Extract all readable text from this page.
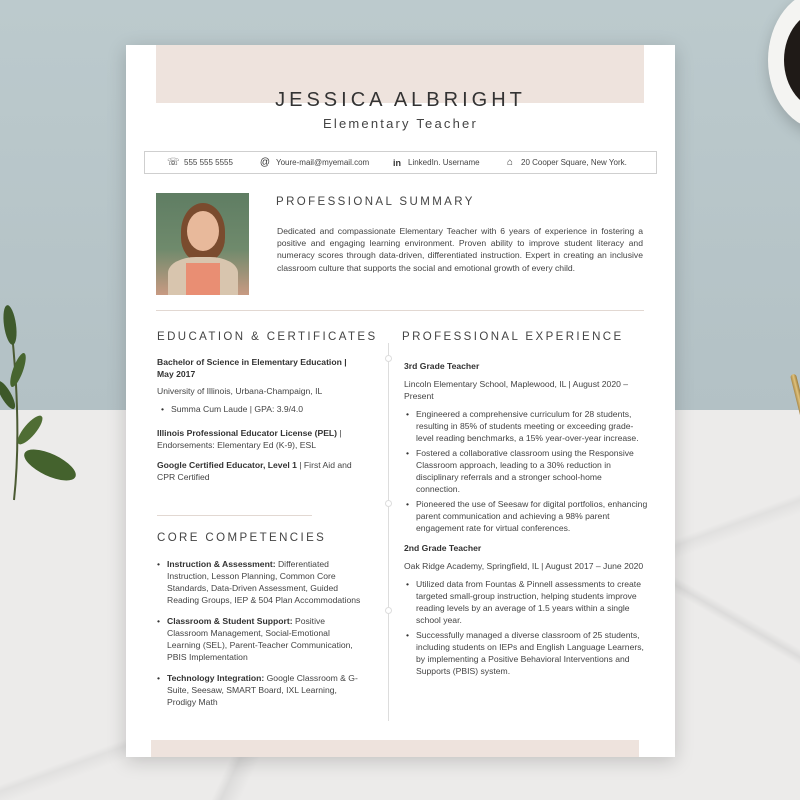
JESSICA ALBRIGHT
Elementary Teacher
☏ 555 555 5555	@ Youre-mail@myemail.com	in LinkedIn. Username	⌂ 20 Cooper Square, New York.
PROFESSIONAL SUMMARY
Dedicated and compassionate Elementary Teacher with 6 years of experience in fostering a positive and engaging learning environment. Proven ability to improve student literacy and numeracy scores through data-driven, differentiated instruction. Expert in creating an inclusive classroom culture that supports the social and emotional growth of every child.
EDUCATION & CERTIFICATES
Bachelor of Science in Elementary Education | May 2017
University of Illinois, Urbana-Champaign, IL
• Summa Cum Laude | GPA: 3.9/4.0
Illinois Professional Educator License (PEL) | Endorsements: Elementary Ed (K-9), ESL
Google Certified Educator, Level 1 | First Aid and CPR Certified
CORE COMPETENCIES
• Instruction & Assessment: Differentiated Instruction, Lesson Planning, Common Core Standards, Data-Driven Assessment, Guided Reading Groups, IEP & 504 Plan Accommodations
• Classroom & Student Support: Positive Classroom Management, Social-Emotional Learning (SEL), Parent-Teacher Communication, PBIS Implementation
• Technology Integration: Google Classroom & G-Suite, Seesaw, SMART Board, IXL Learning, Prodigy Math
PROFESSIONAL EXPERIENCE
3rd Grade Teacher
Lincoln Elementary School, Maplewood, IL | August 2020 – Present
• Engineered a comprehensive curriculum for 28 students, resulting in 85% of students meeting or exceeding grade-level reading benchmarks, a 15% year-over-year increase.
• Fostered a collaborative classroom using the Responsive Classroom approach, leading to a 30% reduction in disciplinary referrals and a stronger school-home connection.
• Pioneered the use of Seesaw for digital portfolios, enhancing parent communication and achieving a 98% parent engagement rate for virtual conferences.
2nd Grade Teacher
Oak Ridge Academy, Springfield, IL | August 2017 – June 2020
• Utilized data from Fountas & Pinnell assessments to create targeted small-group instruction, helping students improve reading levels by an average of 1.5 years within a single school year.
• Successfully managed a diverse classroom of 25 students, including students on IEPs and English Language Learners, by implementing a Positive Behavioral Interventions and Supports (PBIS) system.
